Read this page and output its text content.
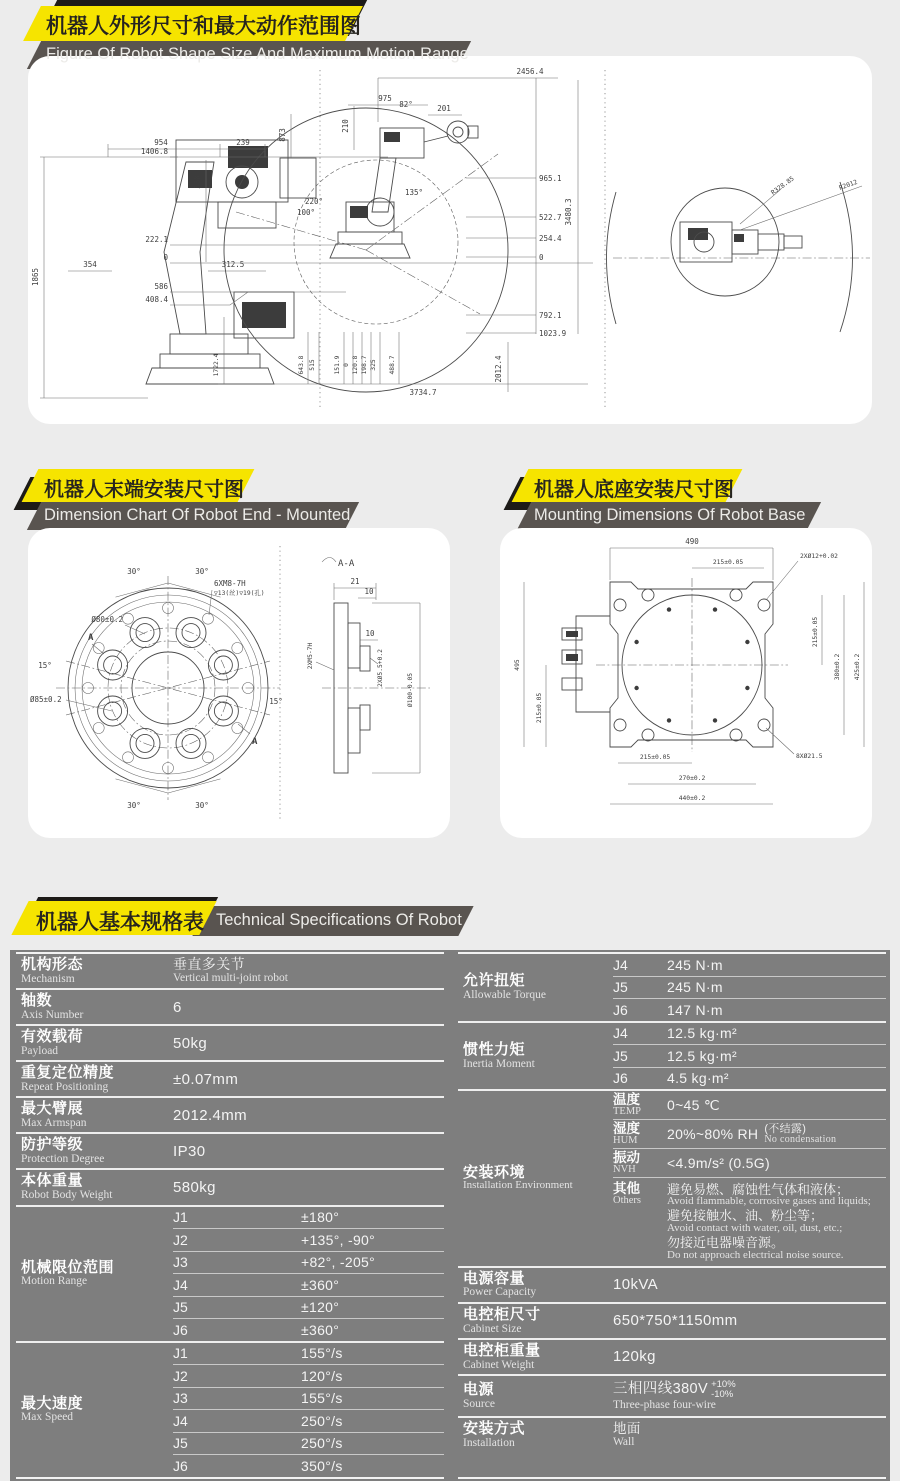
机器人外形尺寸和最大动作范围图
Figure Of Robot Shape Size And Maximum Motion Range
954	239
1865
354	312.5
1406.8
222.1
0
586
408.4
2456.4
975
201
82°
210
873
588
135°
100°
220°
965.1
522.7
254.4
0
792.1
1023.9
3480.3
2012.4
1722.4	643.8 515	151.9 0 120.8 198.7 325 488.7
3734.7
R328.85	R2012
机器人末端安装尺寸图
Dimension Chart Of Robot End - Mounted
机器人底座安装尺寸图
Mounting Dimensions Of Robot Base
30°	30°
30°	30°
15°
15°
Ø80±0.2
Ø85±0.2
A
A
6XM8-7H
▽13(丝)▽19(孔)
A-A
21
10
10
2XM5-7H	2XØ5.5+0.2
Ø100-0.05
490
215±0.05
2XØ12+0.02
495
215±0.05
215±0.05
380±0.2 425±0.2
215±0.05
270±0.2
440±0.2
8XØ21.5
机器人基本规格表 Technical Specifications Of Robot
机构形态
Mechanism
垂直多关节
Vertical multi-joint robot
轴数
Axis Number	6
有效载荷
Payload	50kg
重复定位精度
Repeat Positioning	±0.07mm
最大臂展
Max Armspan	2012.4mm
防护等级
Protection Degree	IP30
本体重量
Robot Body Weight	580kg
机械限位范围
Motion Range
J1	±180°
J2	+135°, -90°
J3	+82°, -205°
J4	±360°
J5	±120°
J6	±360°
最大速度
Max Speed
J1	155°/s
J2	120°/s
J3	155°/s
J4	250°/s
J5	250°/s
J6	350°/s
允许扭矩
Allowable Torque
J4	245 N·m
J5	245 N·m
J6	147 N·m
惯性力矩
Inertia Moment
J4	12.5 kg·m²
J5	12.5 kg·m²
J6	4.5 kg·m²
安装环境
Installation Environment
温度
TEMP	0~45 ℃
湿度
HUM	20%~80% RH (不结露)
No condensation
振动
NVH	<4.9m/s² (0.5G)
其他
Others
避免易燃、腐蚀性气体和液体；
Avoid flammable, corrosive gases and liquids;
避免接触水、油、粉尘等；
Avoid contact with water, oil, dust, etc.;
勿接近电器噪音源。
Do not approach electrical noise source.
电源容量
Power Capacity	10kVA
电控柜尺寸
Cabinet Size	650*750*1150mm
电控柜重量
Cabinet Weight	120kg
电源
Source
三相四线380V +10%
-10%
Three-phase four-wire
安装方式
Installation
地面
Wall
